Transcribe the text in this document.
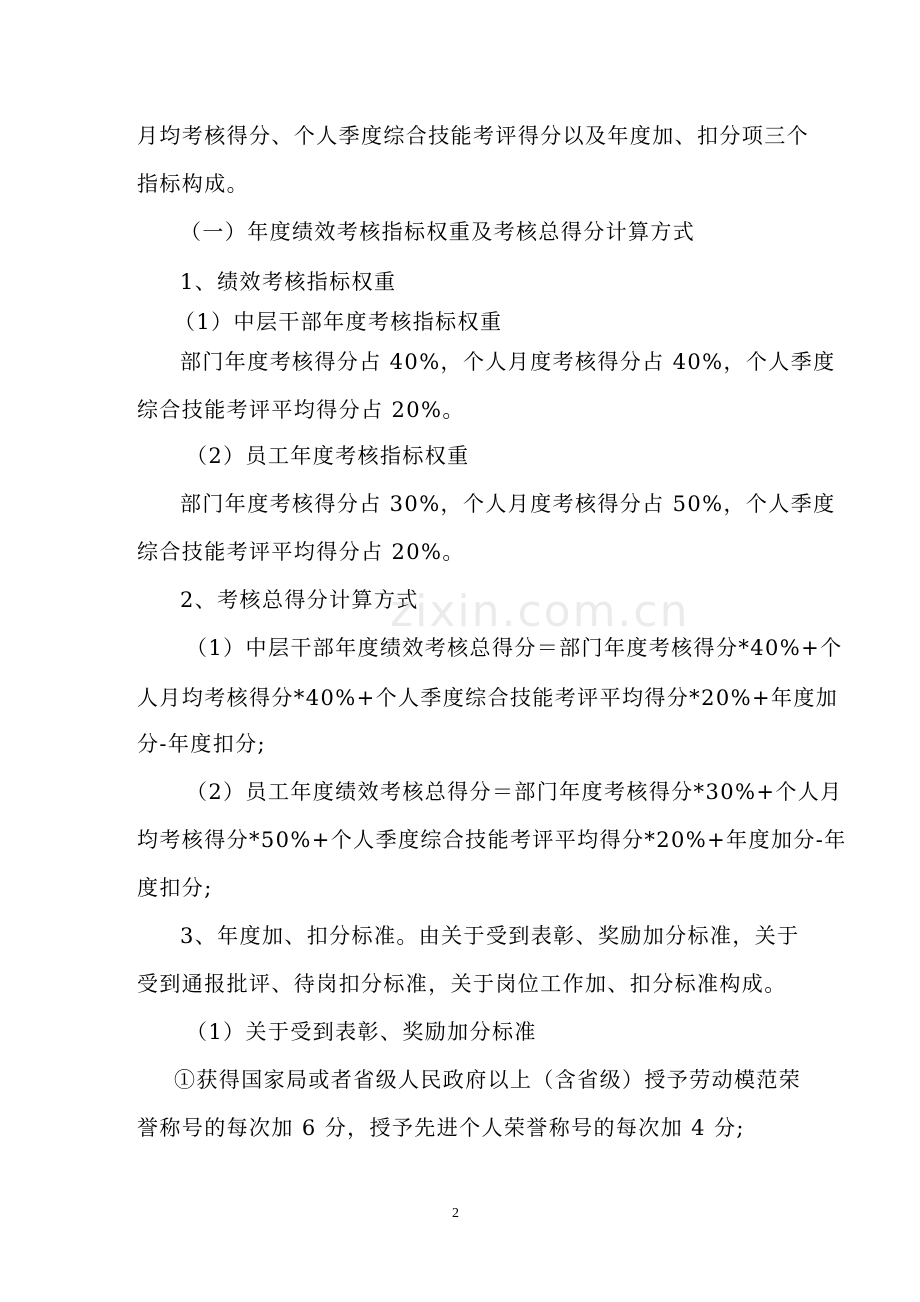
月均考核得分、个人季度综合技能考评得分以及年度加、扣分项三个
指标构成。
（一）年度绩效考核指标权重及考核总得分计算方式
1、绩效考核指标权重
（1）中层干部年度考核指标权重
部门年度考核得分占 40%，个人月度考核得分占 40%，个人季度
综合技能考评平均得分占 20%。
（2）员工年度考核指标权重
部门年度考核得分占 30%，个人月度考核得分占 50%，个人季度
综合技能考评平均得分占 20%。
2、考核总得分计算方式
（1）中层干部年度绩效考核总得分＝部门年度考核得分*40%+个
人月均考核得分*40%+个人季度综合技能考评平均得分*20%+年度加
分-年度扣分;
（2）员工年度绩效考核总得分＝部门年度考核得分*30%+个人月
均考核得分*50%+个人季度综合技能考评平均得分*20%+年度加分-年
度扣分;
3、年度加、扣分标准。由关于受到表彰、奖励加分标准，关于
受到通报批评、待岗扣分标准，关于岗位工作加、扣分标准构成。
（1）关于受到表彰、奖励加分标准
①获得国家局或者省级人民政府以上（含省级）授予劳动模范荣
誉称号的每次加 6 分，授予先进个人荣誉称号的每次加 4 分;
zixin.com.cn
2
